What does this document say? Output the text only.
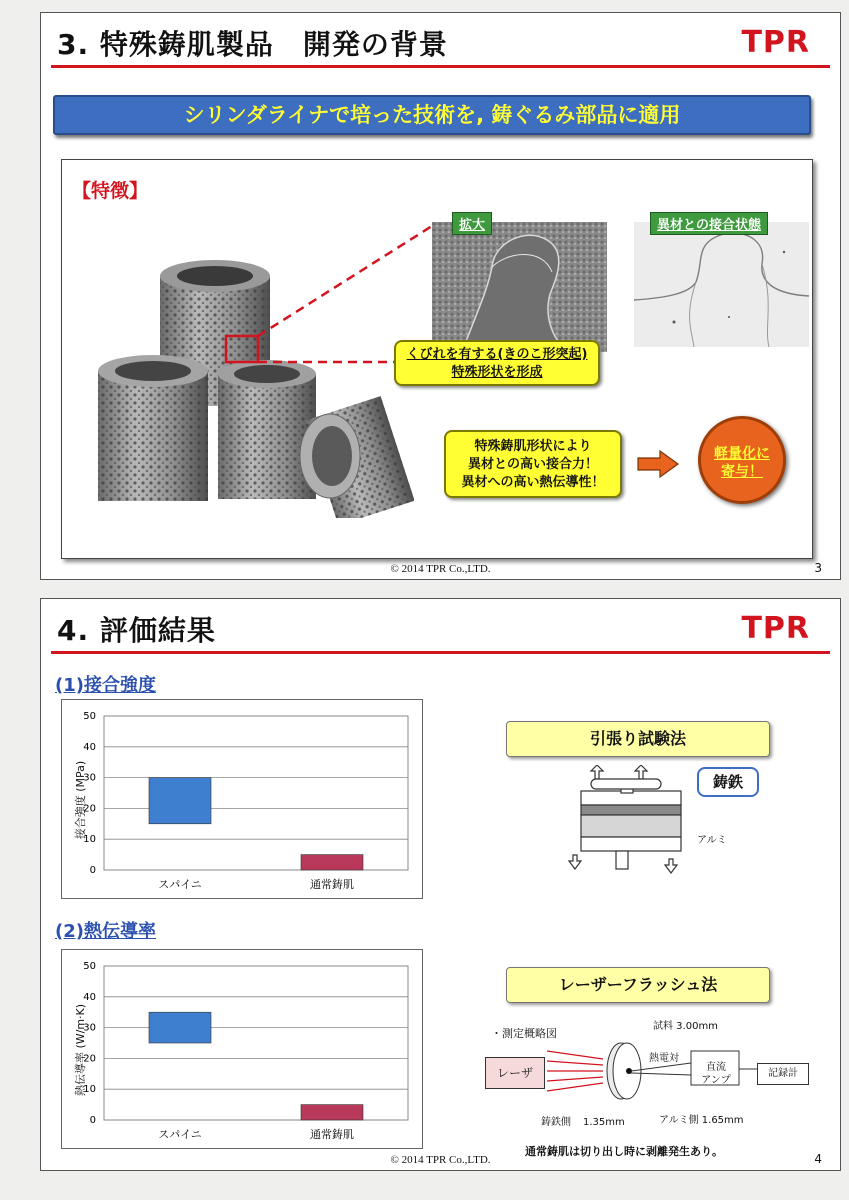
3. 特殊鋳肌製品　開発の背景	TPR
シリンダライナで培った技術を, 鋳ぐるみ部品に適用
【特徴】
拡大	異材との接合状態
くびれを有する(きのこ形突起)
特殊形状を形成
特殊鋳肌形状により
異材との高い接合力！
異材への高い熱伝導性！
軽量化に
寄与！
© 2014 TPR Co.,LTD.	3
4. 評価結果	TPR
(1)接合強度
0
10
20
30
40
50
スパイニ	通常鋳肌
接合強度 (MPa)
(2)熱伝導率
0
10
20
30
40
50
スパイニ	通常鋳肌
熱伝導率 (W/m·K)
引張り試験法
鋳鉄
アルミ
レーザーフラッシュ法
・測定概略図
レーザ
試料 3.00mm
熱電対
直流
アンプ
記録計
鋳鉄側 1.35mm	アルミ側 1.65mm
通常鋳肌は切り出し時に剥離発生あり。
© 2014 TPR Co.,LTD.	4
